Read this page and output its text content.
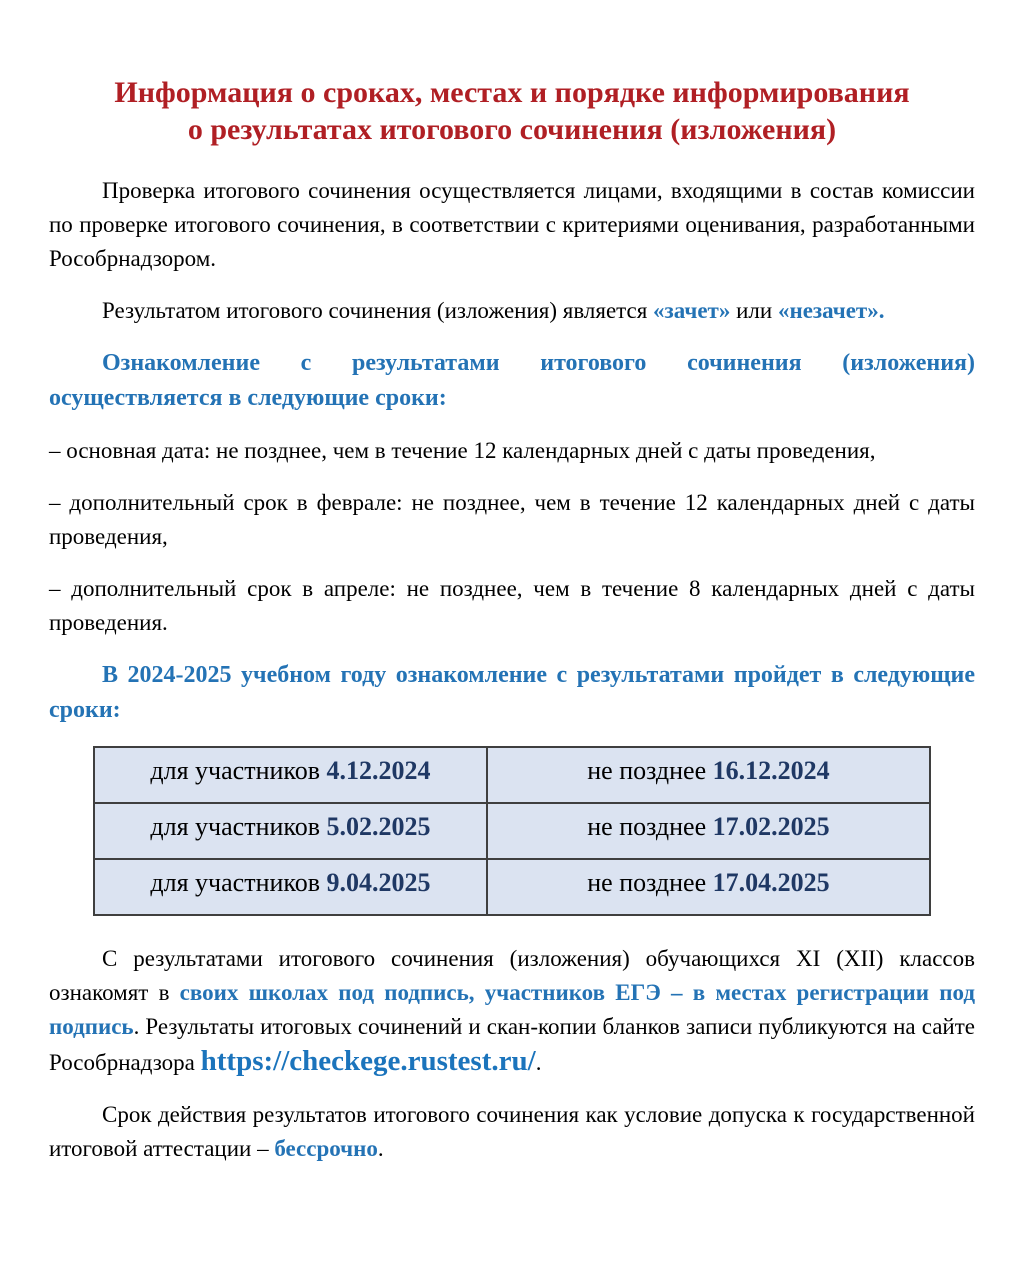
Информация о сроках, местах и порядке информирования
о результатах итогового сочинения (изложения)

Проверка итогового сочинения осуществляется лицами, входящими в состав комиссии по проверке итогового сочинения, в соответствии с критериями оценивания, разработанными Рособрнадзором.

Результатом итогового сочинения (изложения) является «зачет» или «незачет».

Ознакомление с результатами итогового сочинения (изложения) осуществляется в следующие сроки:

– основная дата: не позднее, чем в течение 12 календарных дней с даты проведения,

– дополнительный срок в феврале: не позднее, чем в течение 12 календарных дней с даты проведения,

– дополнительный срок в апреле: не позднее, чем в течение 8 календарных дней с даты проведения.

В 2024-2025 учебном году ознакомление с результатами пройдет в следующие сроки:

для участников 4.12.2024	не позднее 16.12.2024
для участников 5.02.2025	не позднее 17.02.2025
для участников 9.04.2025	не позднее 17.04.2025

С результатами итогового сочинения (изложения) обучающихся XI (XII) классов ознакомят в своих школах под подпись, участников ЕГЭ – в местах регистрации под подпись. Результаты итоговых сочинений и скан-копии бланков записи публикуются на сайте Рособрнадзора https://checkege.rustest.ru/.

Срок действия результатов итогового сочинения как условие допуска к государственной итоговой аттестации – бессрочно.
